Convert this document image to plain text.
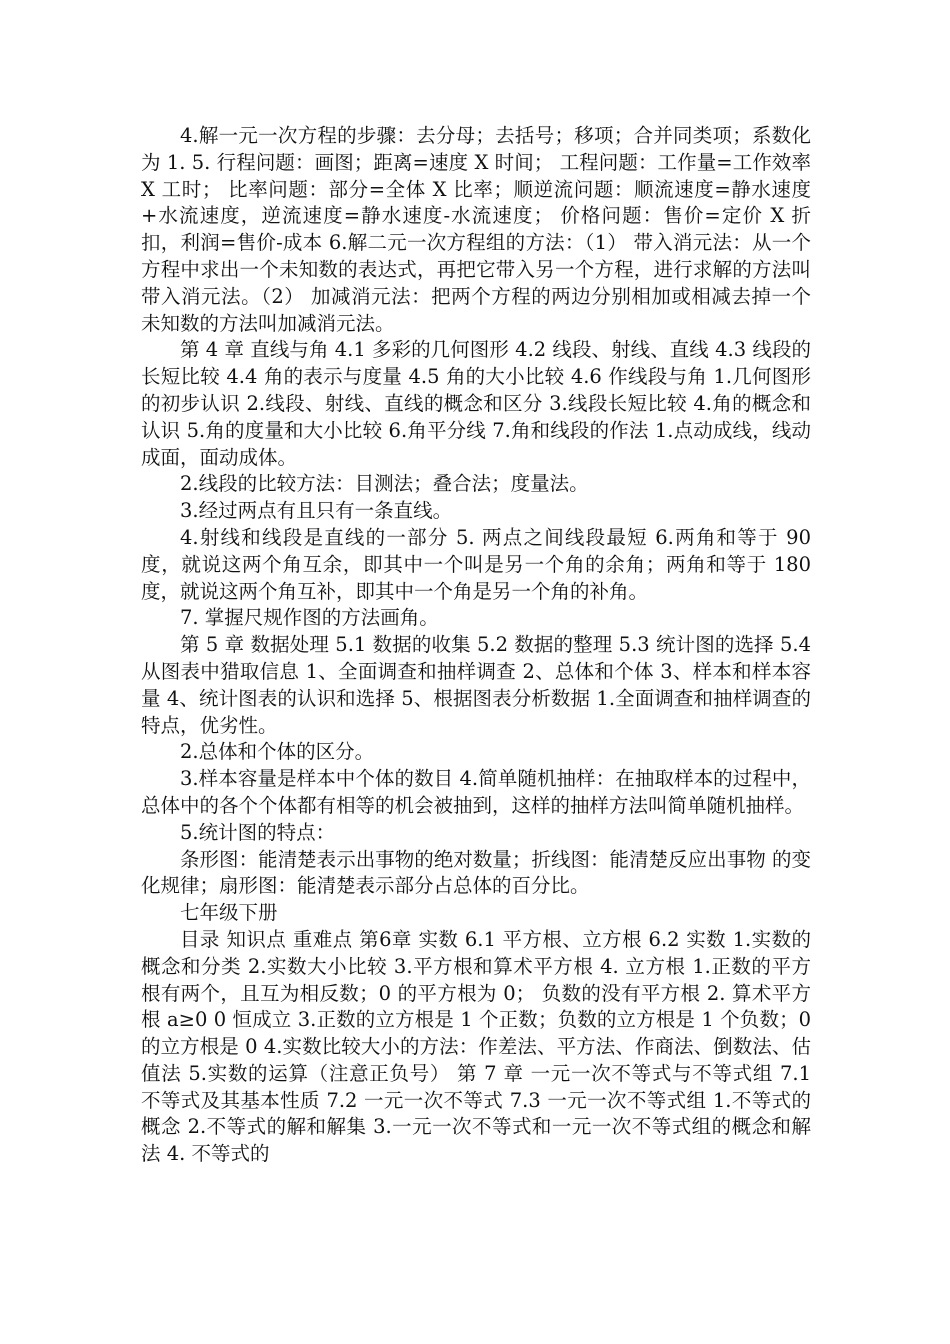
4.解一元一次方程的步骤：去分母；去括号；移项；合并同类项；系数化为 1. 5. 行程问题：画图；距离=速度 X 时间； 工程问题：工作量=工作效率 X 工时； 比率问题：部分=全体 X 比率；顺逆流问题：顺流速度=静水速度+水流速度，逆流速度=静水速度-水流速度； 价格问题：售价=定价 X 折扣，利润=售价-成本 6.解二元一次方程组的方法：（1） 带入消元法：从一个方程中求出一个未知数的表达式，再把它带入另一个方程，进行求解的方法叫带入消元法。（2） 加减消元法：把两个方程的两边分别相加或相减去掉一个未知数的方法叫加减消元法。

第 4 章 直线与角 4.1 多彩的几何图形 4.2 线段、射线、直线 4.3 线段的长短比较 4.4 角的表示与度量 4.5 角的大小比较 4.6 作线段与角 1.几何图形的初步认识 2.线段、射线、直线的概念和区分 3.线段长短比较 4.角的概念和认识 5.角的度量和大小比较 6.角平分线 7.角和线段的作法 1.点动成线，线动成面，面动成体。

2.线段的比较方法：目测法；叠合法；度量法。

3.经过两点有且只有一条直线。

4.射线和线段是直线的一部分 5. 两点之间线段最短 6.两角和等于 90 度，就说这两个角互余，即其中一个叫是另一个角的余角；两角和等于 180 度，就说这两个角互补，即其中一个角是另一个角的补角。

7. 掌握尺规作图的方法画角。

第 5 章 数据处理 5.1 数据的收集 5.2 数据的整理 5.3 统计图的选择 5.4 从图表中猎取信息 1、全面调查和抽样调查 2、总体和个体 3、样本和样本容量 4、统计图表的认识和选择 5、根据图表分析数据 1.全面调查和抽样调查的特点，优劣性。

2.总体和个体的区分。

3.样本容量是样本中个体的数目 4.简单随机抽样：在抽取样本的过程中，总体中的各个个体都有相等的机会被抽到，这样的抽样方法叫简单随机抽样。

5.统计图的特点：

条形图：能清楚表示出事物的绝对数量；折线图：能清楚反应出事物 的变化规律；扇形图：能清楚表示部分占总体的百分比。

七年级下册

目录 知识点 重难点 第6章 实数 6.1 平方根、立方根 6.2 实数 1.实数的概念和分类 2.实数大小比较 3.平方根和算术平方根 4. 立方根 1.正数的平方根有两个，且互为相反数；0 的平方根为 0； 负数的没有平方根 2. 算术平方根 a≥0 0 恒成立 3.正数的立方根是 1 个正数；负数的立方根是 1 个负数；0的立方根是 0 4.实数比较大小的方法：作差法、平方法、作商法、倒数法、估值法 5.实数的运算（注意正负号） 第 7 章 一元一次不等式与不等式组 7.1 不等式及其基本性质 7.2 一元一次不等式 7.3 一元一次不等式组 1.不等式的概念 2.不等式的解和解集 3.一元一次不等式和一元一次不等式组的概念和解法 4. 不等式的
